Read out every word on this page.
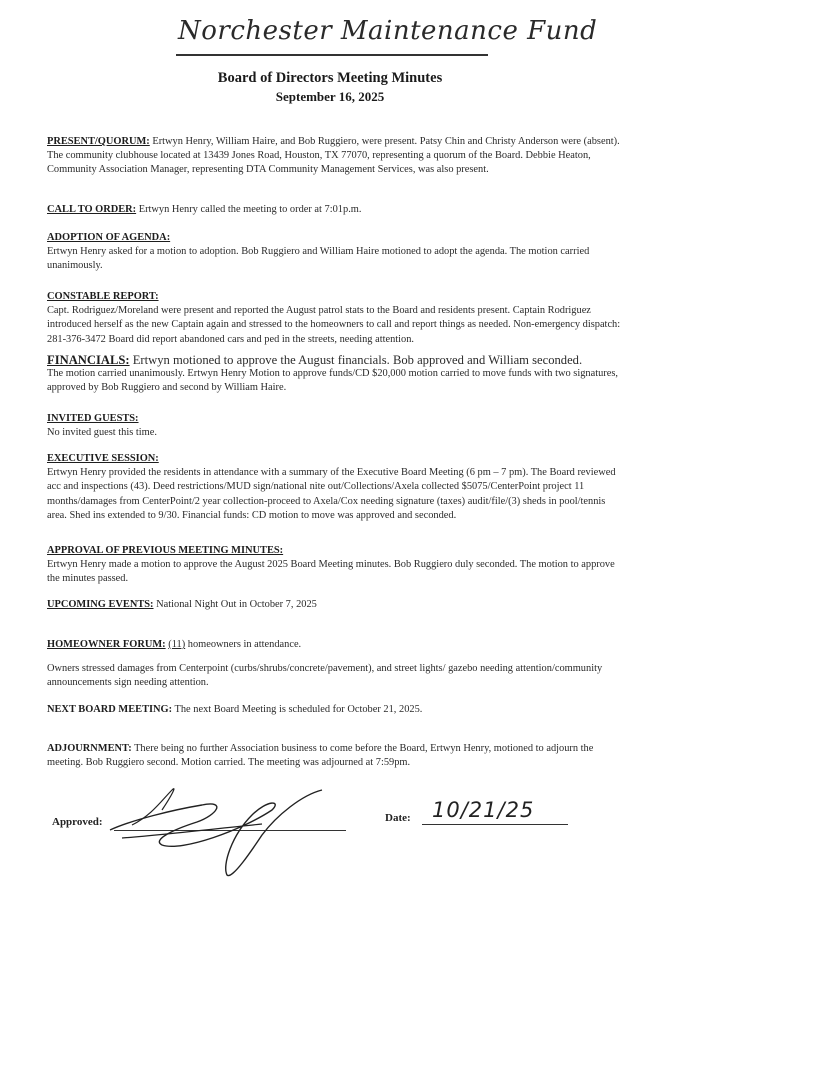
Norchester Maintenance Fund
Board of Directors Meeting Minutes
September 16, 2025
PRESENT/QUORUM: Ertwyn Henry, William Haire, and Bob Ruggiero, were present. Patsy Chin and Christy Anderson were (absent). The community clubhouse located at 13439 Jones Road, Houston, TX 77070, representing a quorum of the Board. Debbie Heaton, Community Association Manager, representing DTA Community Management Services, was also present.
CALL TO ORDER: Ertwyn Henry called the meeting to order at 7:01p.m.
ADOPTION OF AGENDA:
Ertwyn Henry asked for a motion to adoption. Bob Ruggiero and William Haire motioned to adopt the agenda. The motion carried unanimously.
CONSTABLE REPORT:
Capt. Rodriguez/Moreland were present and reported the August patrol stats to the Board and residents present. Captain Rodriguez introduced herself as the new Captain again and stressed to the homeowners to call and report things as needed. Non-emergency dispatch: 281-376-3472 Board did report abandoned cars and ped in the streets, needing attention.
FINANCIALS: Ertwyn motioned to approve the August financials. Bob approved and William seconded.
The motion carried unanimously. Ertwyn Henry Motion to approve funds/CD $20,000 motion carried to move funds with two signatures, approved by Bob Ruggiero and second by William Haire.
INVITED GUESTS:
No invited guest this time.
EXECUTIVE SESSION:
Ertwyn Henry provided the residents in attendance with a summary of the Executive Board Meeting (6 pm – 7 pm). The Board reviewed acc and inspections (43). Deed restrictions/MUD sign/national nite out/Collections/Axela collected $5075/CenterPoint project 11 months/damages from CenterPoint/2 year collection-proceed to Axela/Cox needing signature (taxes) audit/file/(3) sheds in pool/tennis area. Shed ins extended to 9/30. Financial funds: CD motion to move was approved and seconded.
APPROVAL OF PREVIOUS MEETING MINUTES:
Ertwyn Henry made a motion to approve the August 2025 Board Meeting minutes. Bob Ruggiero duly seconded. The motion to approve the minutes passed.
UPCOMING EVENTS: National Night Out in October 7, 2025
HOMEOWNER FORUM: (11) homeowners in attendance.
Owners stressed damages from Centerpoint (curbs/shrubs/concrete/pavement), and street lights/ gazebo needing attention/community announcements sign needing attention.
NEXT BOARD MEETING: The next Board Meeting is scheduled for October 21, 2025.
ADJOURNMENT: There being no further Association business to come before the Board, Ertwyn Henry, motioned to adjourn the meeting. Bob Ruggiero second. Motion carried. The meeting was adjourned at 7:59pm.
Approved:	Date: 10/21/25
